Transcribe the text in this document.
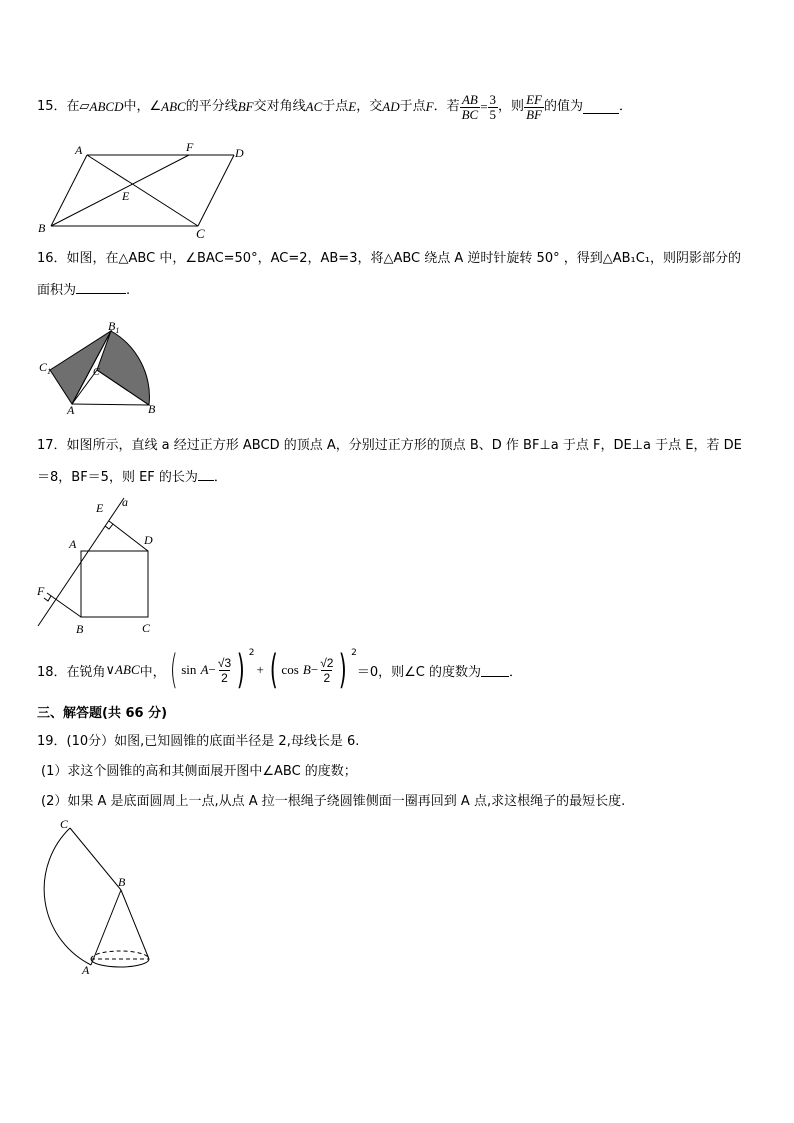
15． 在▱ ABCD 中，∠ ABC 的平分线 BF 交对角线 AC 于点 E ，交 AD 于点 F ．若 $\frac{AB}{BC} = \frac{3}{5}$ ，则 $\frac{EF}{BF}$ 的值为	．
A	F	D
E
B	C
16．如图，在△ABC 中，∠BAC=50°，AC=2，AB=3，将△ABC 绕点 A 逆时针旋转 50° ，得到△AB₁C₁，则阴影部分的
面积为	.
$B_1$
$C_1$	C
A	B
17．如图所示，直线 a 经过正方形 ABCD 的顶点 A，分别过正方形的顶点 B、D 作 BF⊥a 于点 F，DE⊥a 于点 E，若 DE
＝8，BF＝5，则 EF 的长为 ．
E a
A	D
F
B	C
18．在锐角 ∨ABC 中， ( sin
$A - \frac{√3}{2}$ ) 2
+ ( cos
$B - \frac{√2}{2}$ ) 2
＝0，则∠C 的度数为 ．
三、解答题(共 66 分)
19．(10分）如图,已知圆锥的底面半径是 2,母线长是 6.
(1）求这个圆锥的高和其侧面展开图中∠ABC 的度数；
(2）如果 A 是底面圆周上一点,从点 A 拉一根绳子绕圆锥侧面一圈再回到 A 点,求这根绳子的最短长度.
C
B
A
